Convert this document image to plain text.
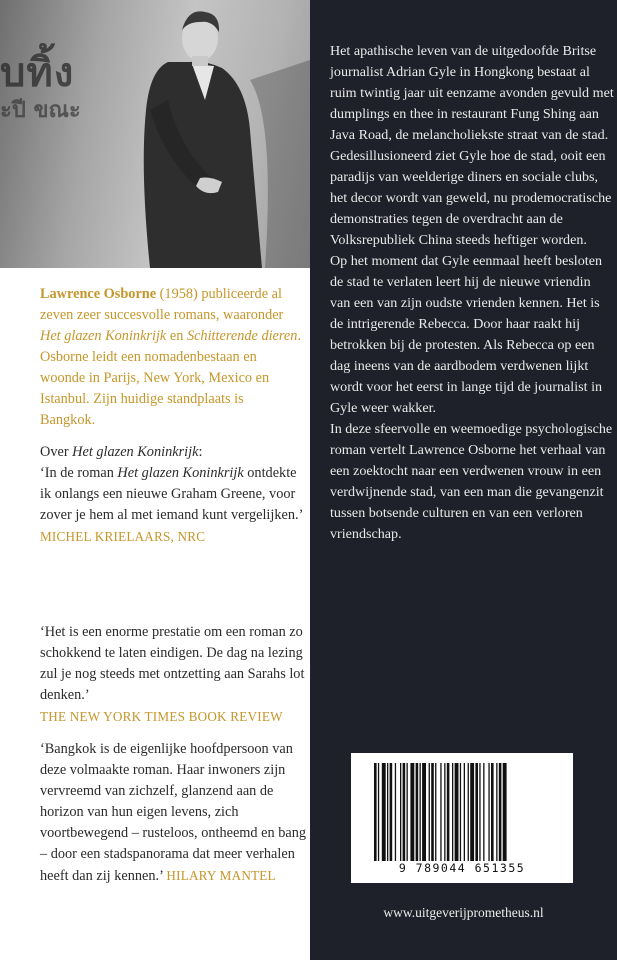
บทิ้ง
ะปี ขณะ
Lawrence Osborne (1958) publiceerde al zeven zeer succesvolle romans, waaronder Het glazen Koninkrijk en Schitterende dieren. Osborne leidt een nomadenbestaan en woonde in Parijs, New York, Mexico en Istanbul. Zijn huidige standplaats is Bangkok.
Over Het glazen Koninkrijk:
‘In de roman Het glazen Koninkrijk ontdekte ik onlangs een nieuwe Graham Greene, voor zover je hem al met iemand kunt vergelijken.’
MICHEL KRIELAARS, NRC
‘Het is een enorme prestatie om een roman zo schokkend te laten eindigen. De dag na lezing zul je nog steeds met ontzetting aan Sarahs lot denken.’
THE NEW YORK TIMES BOOK REVIEW
‘Bangkok is de eigenlijke hoofdpersoon van deze volmaakte roman. Haar inwoners zijn vervreemd van zichzelf, glanzend aan de horizon van hun eigen levens, zich voortbewegend – rusteloos, ontheemd en bang – door een stadspanorama dat meer verhalen heeft dan zij kennen.’ HILARY MANTEL

Het apathische leven van de uitgedoofde Britse journalist Adrian Gyle in Hongkong bestaat al ruim twintig jaar uit eenzame avonden gevuld met dumplings en thee in restaurant Fung Shing aan Java Road, de melancholiekste straat van de stad. Gedesillusioneerd ziet Gyle hoe de stad, ooit een paradijs van weelderige diners en sociale clubs, het decor wordt van geweld, nu prodemocratische demonstraties tegen de overdracht aan de Volksrepubliek China steeds heftiger worden.

Op het moment dat Gyle eenmaal heeft besloten de stad te verlaten leert hij de nieuwe vriendin van een van zijn oudste vrienden kennen. Het is de intrigerende Rebecca. Door haar raakt hij betrokken bij de protesten. Als Rebecca op een dag ineens van de aardbodem verdwenen lijkt wordt voor het eerst in lange tijd de journalist in Gyle weer wakker.

In deze sfeervolle en weemoedige psychologische roman vertelt Lawrence Osborne het verhaal van een zoektocht naar een verdwenen vrouw in een verdwijnende stad, van een man die gevangenzit tussen botsende culturen en van een verloren vriendschap.

9 789044 651355
www.uitgeverijprometheus.nl
